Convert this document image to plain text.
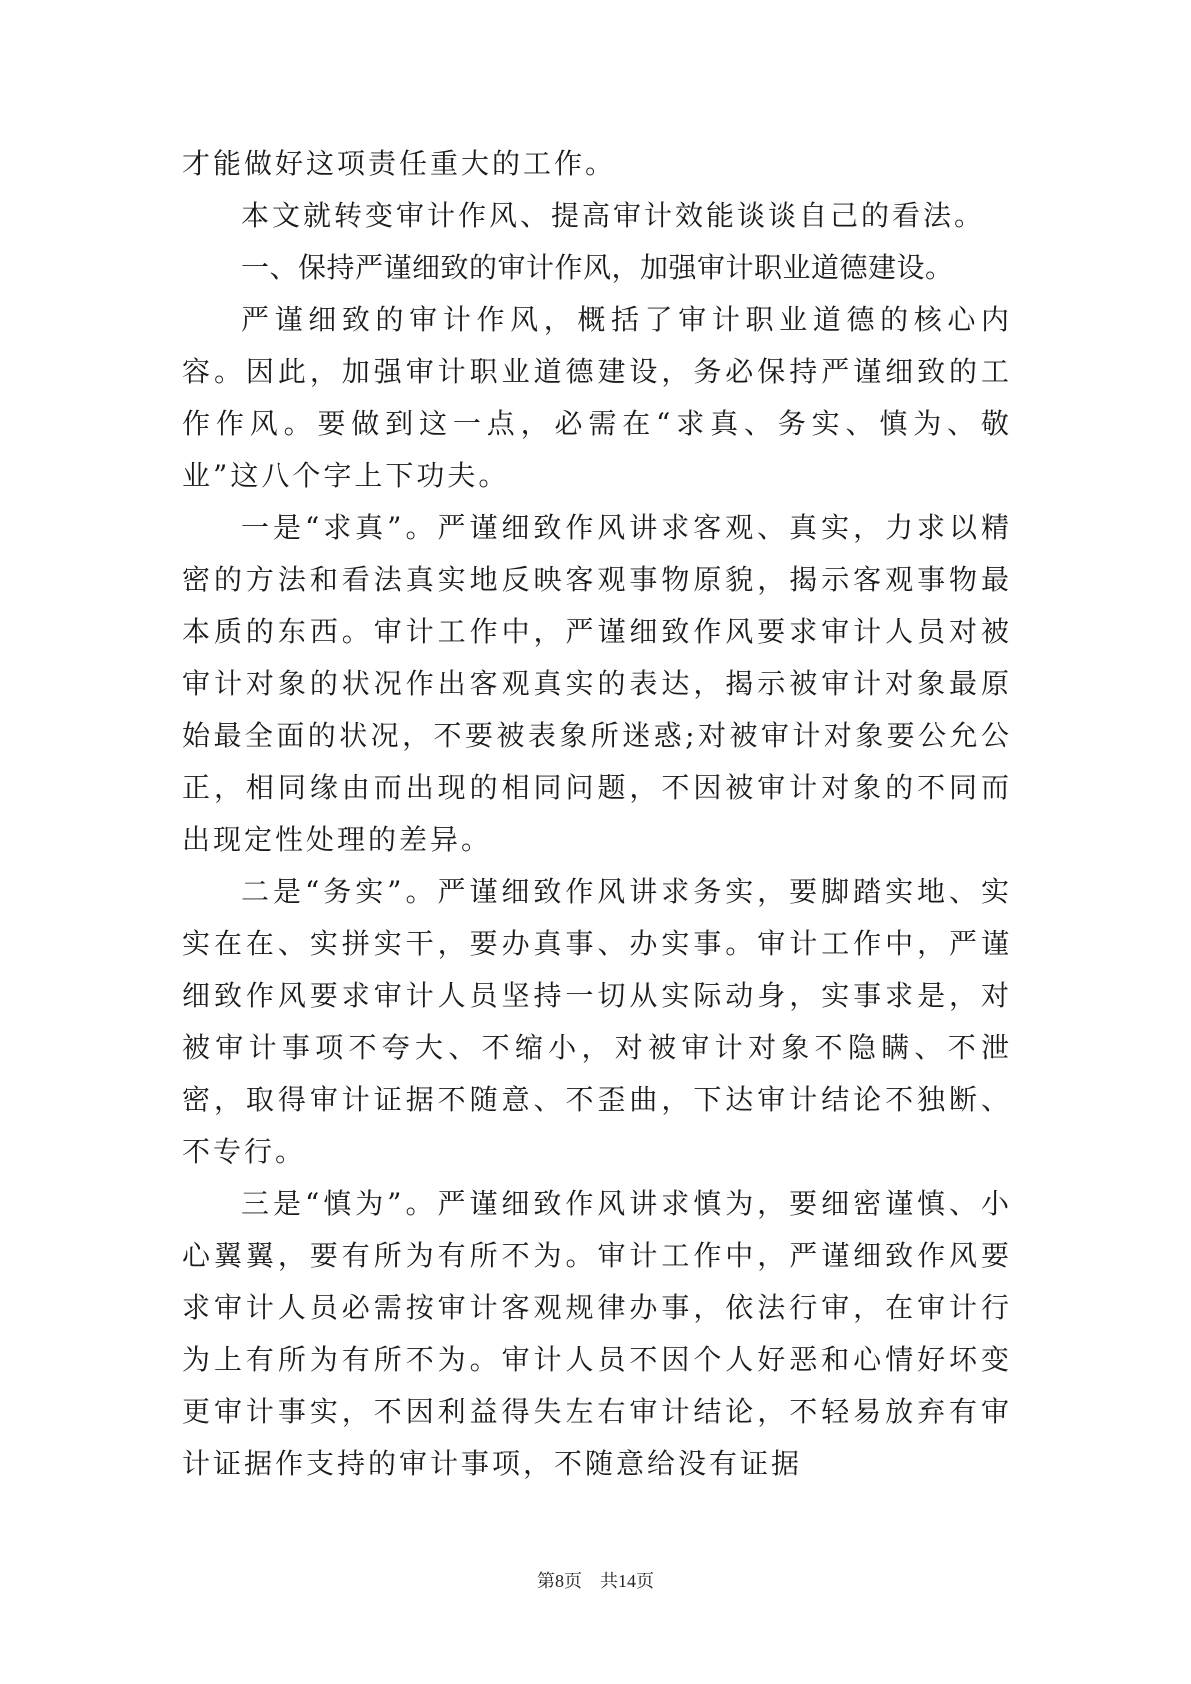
才能做好这项责任重大的工作。

本文就转变审计作风、提高审计效能谈谈自己的看法。

一、保持严谨细致的审计作风，加强审计职业道德建设。

严谨细致的审计作风，概括了审计职业道德的核心内容。因此，加强审计职业道德建设，务必保持严谨细致的工作作风。要做到这一点，必需在“求真、务实、慎为、敬业”这八个字上下功夫。

一是“求真”。严谨细致作风讲求客观、真实，力求以精密的方法和看法真实地反映客观事物原貌，揭示客观事物最本质的东西。审计工作中，严谨细致作风要求审计人员对被审计对象的状况作出客观真实的表达，揭示被审计对象最原始最全面的状况，不要被表象所迷惑;对被审计对象要公允公正，相同缘由而出现的相同问题，不因被审计对象的不同而出现定性处理的差异。

二是“务实”。严谨细致作风讲求务实，要脚踏实地、实实在在、实拼实干，要办真事、办实事。审计工作中，严谨细致作风要求审计人员坚持一切从实际动身，实事求是，对被审计事项不夸大、不缩小，对被审计对象不隐瞒、不泄密，取得审计证据不随意、不歪曲，下达审计结论不独断、不专行。

三是“慎为”。严谨细致作风讲求慎为，要细密谨慎、小心翼翼，要有所为有所不为。审计工作中，严谨细致作风要求审计人员必需按审计客观规律办事，依法行审，在审计行为上有所为有所不为。审计人员不因个人好恶和心情好坏变更审计事实，不因利益得失左右审计结论，不轻易放弃有审计证据作支持的审计事项，不随意给没有证据

第8页    共14页
